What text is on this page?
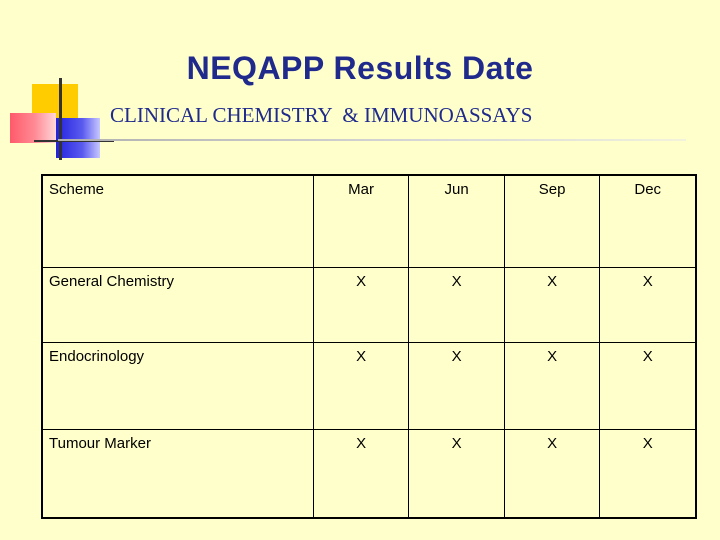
NEQAPP Results Date

CLINICAL CHEMISTRY  & IMMUNOASSAYS

Scheme	Mar	Jun	Sep	Dec
General Chemistry	X	X	X	X
Endocrinology	X	X	X	X
Tumour Marker	X	X	X	X
